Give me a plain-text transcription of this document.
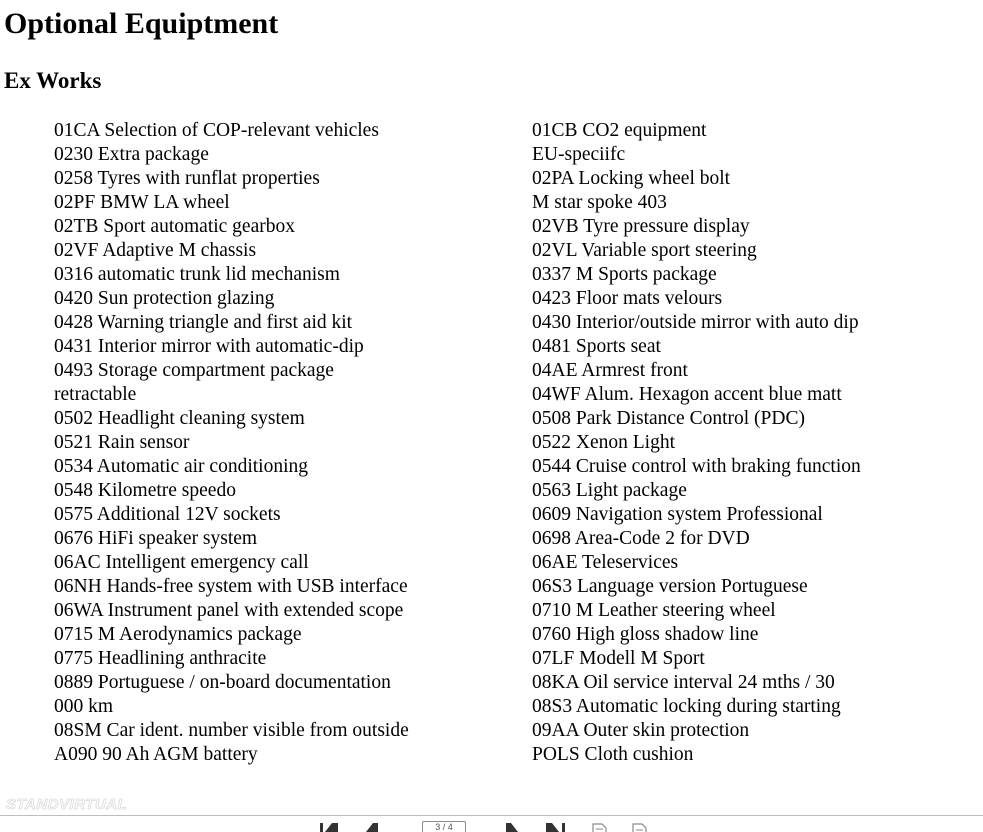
Optional Equiptment
Ex Works
01CA Selection of COP-relevant vehicles
0230 Extra package
0258 Tyres with runflat properties
02PF BMW LA wheel
02TB Sport automatic gearbox
02VF Adaptive M chassis
0316 automatic trunk lid mechanism
0420 Sun protection glazing
0428 Warning triangle and first aid kit
0431 Interior mirror with automatic-dip
0493 Storage compartment package
retractable
0502 Headlight cleaning system
0521 Rain sensor
0534 Automatic air conditioning
0548 Kilometre speedo
0575 Additional 12V sockets
0676 HiFi speaker system
06AC Intelligent emergency call
06NH Hands-free system with USB interface
06WA Instrument panel with extended scope
0715 M Aerodynamics package
0775 Headlining anthracite
0889 Portuguese / on-board documentation
000 km
08SM Car ident. number visible from outside
A090 90 Ah AGM battery
01CB CO2 equipment
EU-speciifc
02PA Locking wheel bolt
M star spoke 403
02VB Tyre pressure display
02VL Variable sport steering
0337 M Sports package
0423 Floor mats velours
0430 Interior/outside mirror with auto dip
0481 Sports seat
04AE Armrest front
04WF Alum. Hexagon accent blue matt
0508 Park Distance Control (PDC)
0522 Xenon Light
0544 Cruise control with braking function
0563 Light package
0609 Navigation system Professional
0698 Area-Code 2 for DVD
06AE Teleservices
06S3 Language version Portuguese
0710 M Leather steering wheel
0760 High gloss shadow line
07LF Modell M Sport
08KA Oil service interval 24 mths / 30
08S3 Automatic locking during starting
09AA Outer skin protection
POLS Cloth cushion
STANDVIRTUAL
3 / 4
